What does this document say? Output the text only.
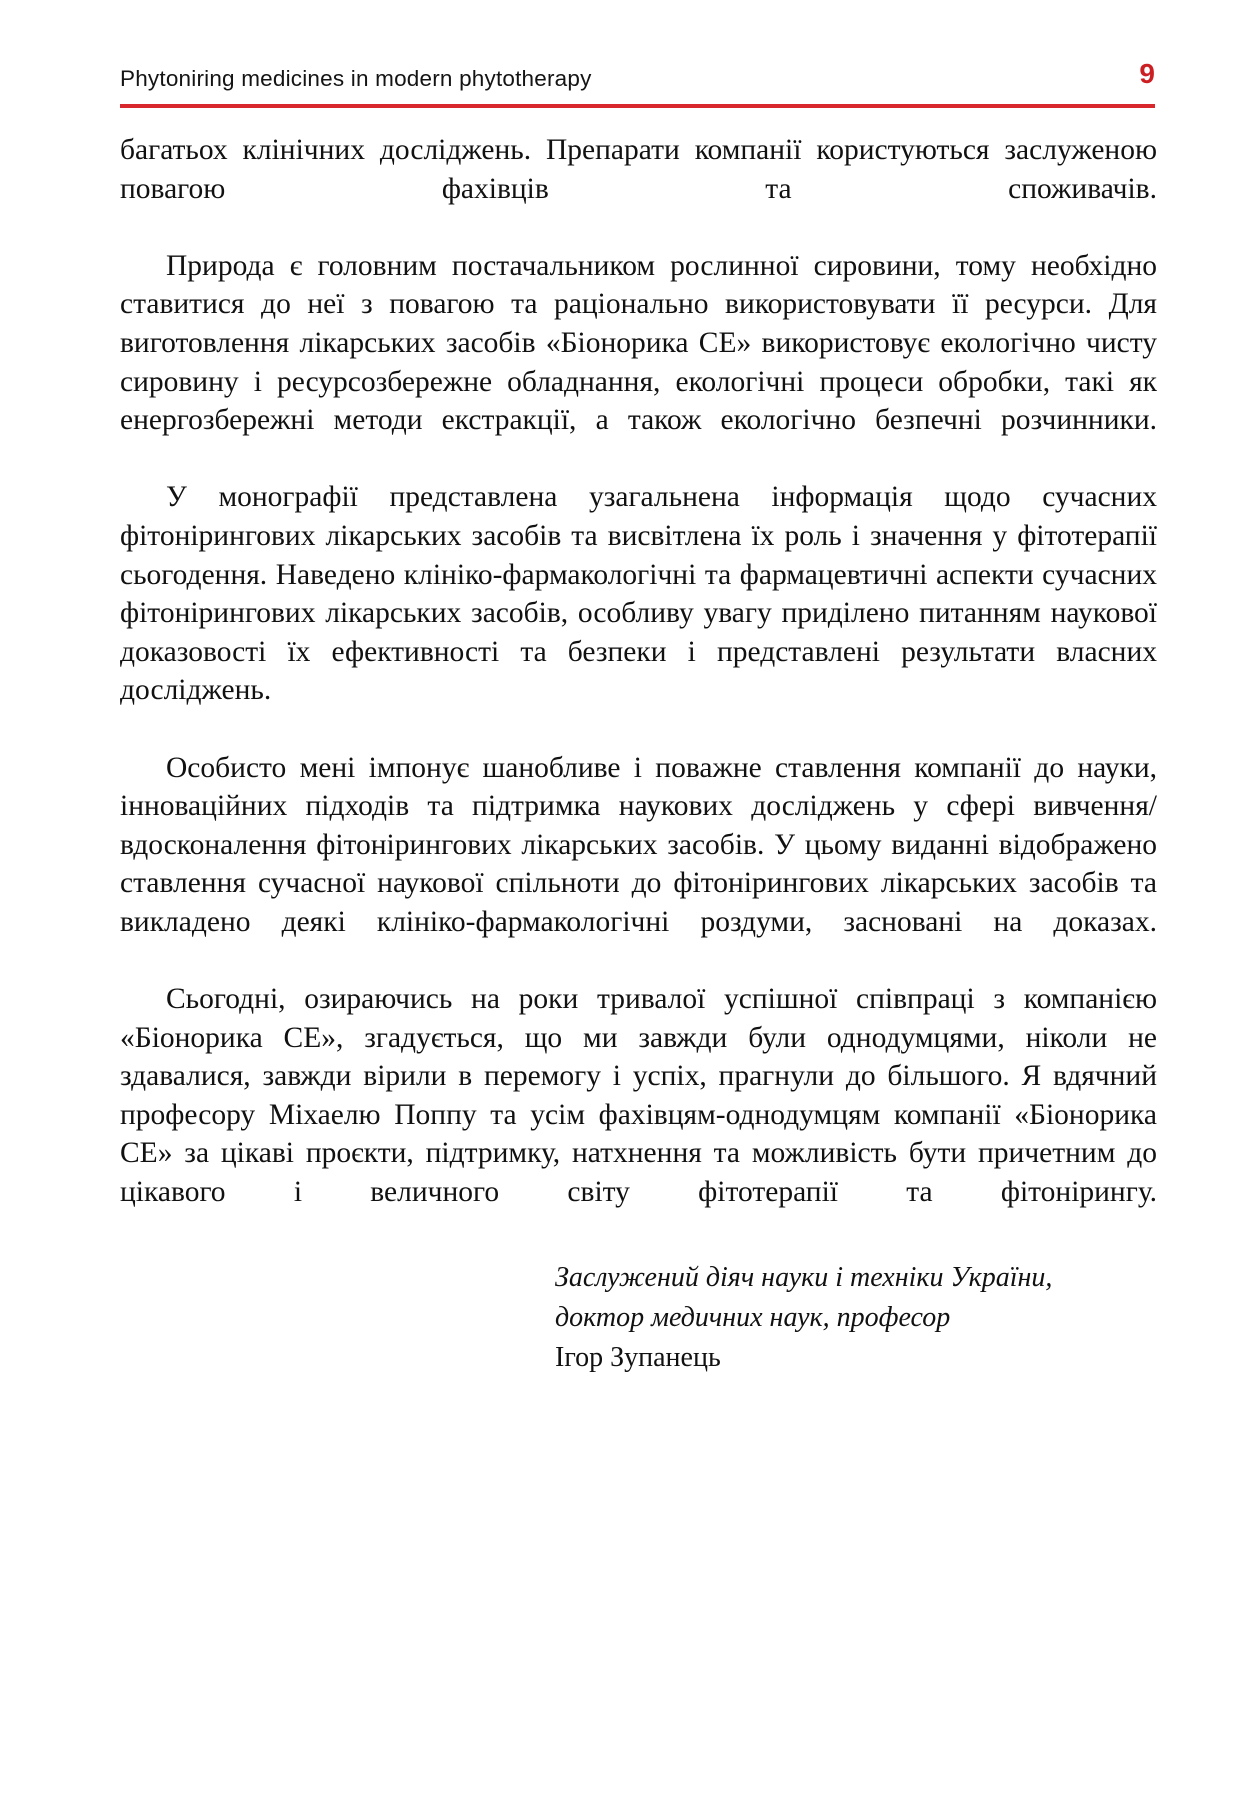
Phytoniring medicines in modern phytotherapy	9

багатьох клінічних досліджень. Препарати компанії користуються заслуженою повагою фахівців та споживачів.

Природа є головним постачальником рослинної сировини, тому необхідно ставитися до неї з повагою та раціонально використовувати її ресурси. Для виготовлення лікарських засобів «Біонорика СЕ» використовує екологічно чисту сировину і ресурсозбережне обладнання, екологічні процеси обробки, такі як енергозбережні методи екстракції, а також екологічно безпечні розчинники.

У монографії представлена узагальнена інформація щодо сучасних фітонірингових лікарських засобів та висвітлена їх роль і значення у фітотерапії сьогодення. Наведено клініко-фармакологічні та фармацевтичні аспекти сучасних фітонірингових лікарських засобів, особливу увагу приділено питанням наукової доказовості їх ефективності та безпеки і представлені результати власних досліджень.

Особисто мені імпонує шанобливе і поважне ставлення компанії до науки, інноваційних підходів та підтримка наукових досліджень у сфері вивчення/вдосконалення фітонірингових лікарських засобів. У цьому виданні відображено ставлення сучасної наукової спільноти до фітонірингових лікарських засобів та викладено деякі клініко-фармакологічні роздуми, засновані на доказах.

Сьогодні, озираючись на роки тривалої успішної співпраці з компанією «Біонорика СЕ», згадується, що ми завжди були однодумцями, ніколи не здавалися, завжди вірили в перемогу і успіх, прагнули до більшого. Я вдячний професору Міхаелю Поппу та усім фахівцям-однодумцям компанії «Біонорика СЕ» за цікаві проєкти, підтримку, натхнення та можливість бути причетним до цікавого і величного світу фітотерапії та фітонірингу.

Заслужений діяч науки і техніки України,
доктор медичних наук, професор
Ігор Зупанець
